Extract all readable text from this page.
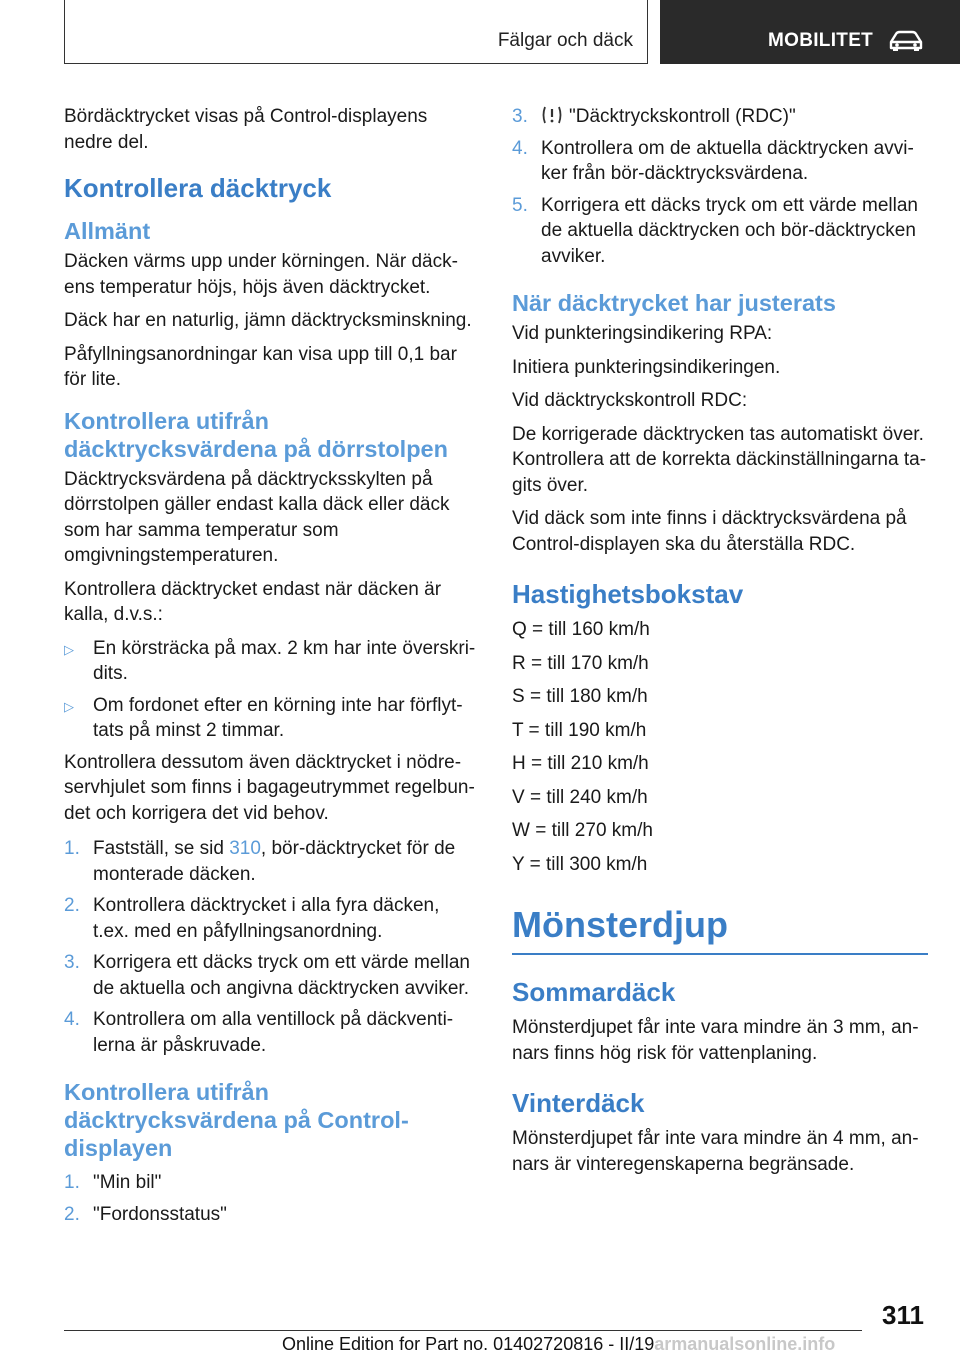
Fälgar och däck	MOBILITET

Bördäcktrycket visas på Control-displayens nedre del.

Kontrollera däcktryck
Allmänt

Däcken värms upp under körningen. När däckens temperatur höjs, höjs även däcktrycket.

Däck har en naturlig, jämn däcktrycksminskning.

Påfyllningsanordningar kan visa upp till 0,1 bar för lite.

Kontrollera utifrån däcktrycksvärdena på dörrstolpen

Däcktrycksvärdena på däcktrycksskylten på dörrstolpen gäller endast kalla däck eller däck som har samma temperatur som omgivningstemperaturen.

Kontrollera däcktrycket endast när däcken är kalla, d.v.s.:

▷ En körsträcka på max. 2 km har inte överskridits.
▷ Om fordonet efter en körning inte har förflyttats på minst 2 timmar.

Kontrollera dessutom även däcktrycket i nödreservhjulet som finns i bagageutrymmet regelbundet och korrigera det vid behov.

1. Fastställ, se sid 310, bör-däcktrycket för de monterade däcken.
2. Kontrollera däcktrycket i alla fyra däcken, t.ex. med en påfyllningsanordning.
3. Korrigera ett däcks tryck om ett värde mellan de aktuella och angivna däcktrycken avviker.
4. Kontrollera om alla ventillock på däckventilerna är påskruvade.
Kontrollera utifrån däcktrycksvärdena på Controldisplayen
1. "Min bil"
2. "Fordonsstatus"
3. "Däcktryckskontroll (RDC)"
4. Kontrollera om de aktuella däcktrycken avviker från bör-däcktrycksvärdena.
5. Korrigera ett däcks tryck om ett värde mellan de aktuella däcktrycken och bör-däcktrycken avviker.
När däcktrycket har justerats

Vid punkteringsindikering RPA:

Initiera punkteringsindikeringen.

Vid däcktryckskontroll RDC:

De korrigerade däcktrycken tas automatiskt över. Kontrollera att de korrekta däckinställningarna tagits över.

Vid däck som inte finns i däcktrycksvärdena på Control-displayen ska du återställa RDC.

Hastighetsbokstav

Q = till 160 km/h

R = till 170 km/h

S = till 180 km/h

T = till 190 km/h

H = till 210 km/h

V = till 240 km/h

W = till 270 km/h

Y = till 300 km/h

Mönsterdjup
Sommardäck

Mönsterdjupet får inte vara mindre än 3 mm, annars finns hög risk för vattenplaning.

Vinterdäck

Mönsterdjupet får inte vara mindre än 4 mm, annars är vinteregenskaperna begränsade.

311
Online Edition for Part no. 01402720816 - II/19armanualsonline.info
